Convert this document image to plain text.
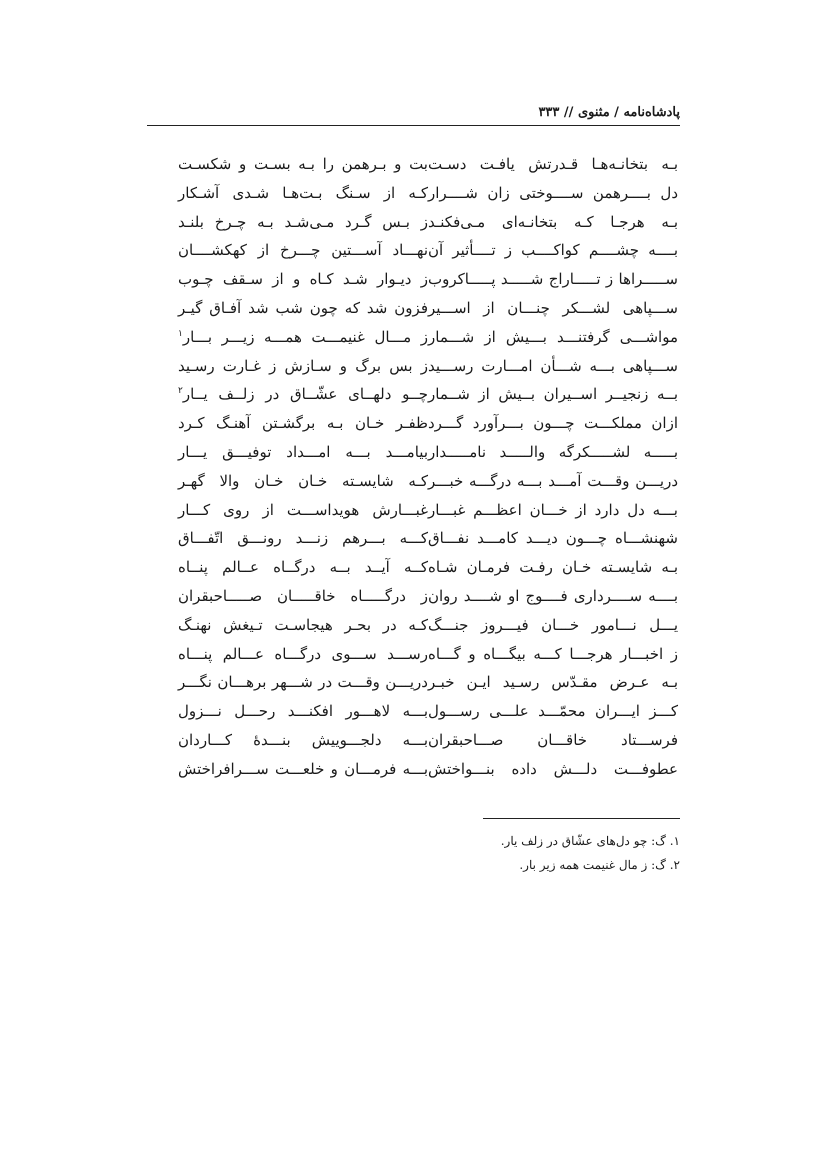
پادشاه‌نامه / مثنوی // ۳۳۳
بـه بتخانـه‌هـا قـدرتش یافـت دسـت
دل بــــرهمن ســــوختی زان شــــرار
بـه هرجـا کـه بتخانـه‌ای مـی‌فکنـد
بــــه چشــــم کواکــــب ز تــــأثیر آن
ســـــراها ز تـــــاراج شـــــد پـــــاکروب
ســـپاهی لشـــکر چنـــان از اســـیر
مواشـــی گرفتنـــد بـــیش از شـــمار
ســـپاهی بـــه شـــأن امـــارت رســـید
بــه زنجیــر اســیران بــیش از شــمار
ازان مملکـــت چـــون بـــرآورد گـــرد
بـــــه لشـــــکرگه والـــــد نامـــــدار
دریـــن وقـــت آمـــد بـــه درگـــه خبـــر
بـــه دل دارد از خـــان اعظـــم غبـــار
شهنشـــاه چـــون دیـــد کامـــد نفـــاق
بـه شایسـته خـان رفـت فرمـان شـاه
بــــه ســــرداری فــــوج او شــــد روان
یـــل نـــامور خـــان فیـــروز جنـــگ
ز اخبـــار هرجـــا کـــه بیگـــاه و گـــاه
بـه عـرض مقـدّس رسـید ایـن خبـر
کـــز ایـــران محمّـــد علـــی رســـول
فرســـتاد خاقـــان صـــاحبقران
عطوفـــت دلـــش داده بنـــواختش
بت و بـرهمن را بـه بسـت و شکسـت
کـه از سـنگ بـت‌هـا شـدی آشـکار
ز بـس گـرد مـی‌شـد بـه چـرخ بلنـد
نهـــاد آســـتین چـــرخ از کهکشــــان
ز دیـوار شـد کـاه و از سـقف چـوب
فزون شد که چون شب شد آفـاق گیـر
ز مـــال غنیمـــت همـــه زیـــر بـــار$^۱$
ز بس برگ و سـازش ز غـارت رسـید
چــو دلهــای عشّــاق در زلــف یــار$^۲$
ظفـر خـان بـه برگشـتن آهنـگ کـرد
بیامـــد بـــه امـــداد توفیـــق یـــار
کـه شایسـته خـان خـان والا گهـر
غبـــارش هویداســـت از روی کـــار
کـــه بـــرهم زنـــد رونـــق اتّفـــاق
کــه آیــد بــه درگــاه عــالم پنــاه
ز درگـــــاه خاقـــــان صـــــاحبقران
کـه در بحـر هیجاسـت تـیغش نهنـگ
رســـد ســـوی درگـــاه عـــالم پنـــاه
دریـــن وقـــت در شـــهر برهـــان نگـــر
بـــه لاهـــور افکنـــد رحـــل نـــزول
بـــه دلجـــوییش بنـــدۀ کـــاردان
بـــه فرمـــان و خلعـــت ســـرافراختش
۱. گ: چو دل‌های عشّاق در زلف یار.
۲. گ: ز مال غنیمت همه زیر بار.
